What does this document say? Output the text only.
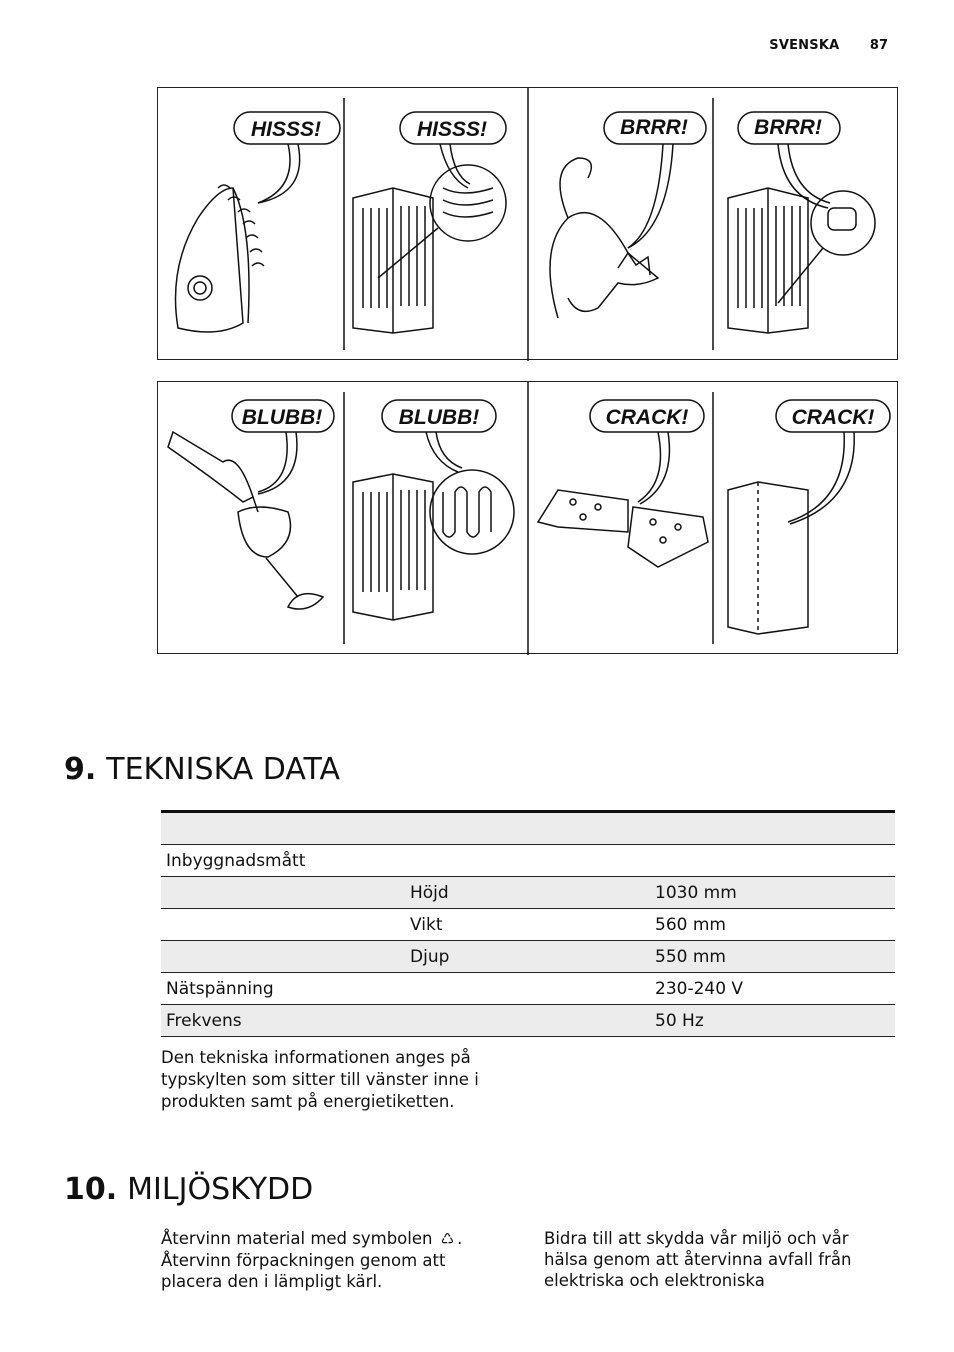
SVENSKA 87
HISSS!	HISSS!	BRRR!	BRRR!
BLUBB!	BLUBB!	CRACK!	CRACK!
9. TEKNISKA DATA
Inbyggnadsmått
Höjd	1030 mm
Vikt	560 mm
Djup	550 mm
Nätspänning	230-240 V
Frekvens	50 Hz

Den tekniska informationen anges på typskylten som sitter till vänster inne i produkten samt på energietiketten.

10. MILJÖSKYDD

Återvinn material med symbolen ♺ . Återvinn förpackningen genom att placera den i lämpligt kärl.

Bidra till att skydda vår miljö och vår hälsa genom att återvinna avfall från elektriska och elektroniska
